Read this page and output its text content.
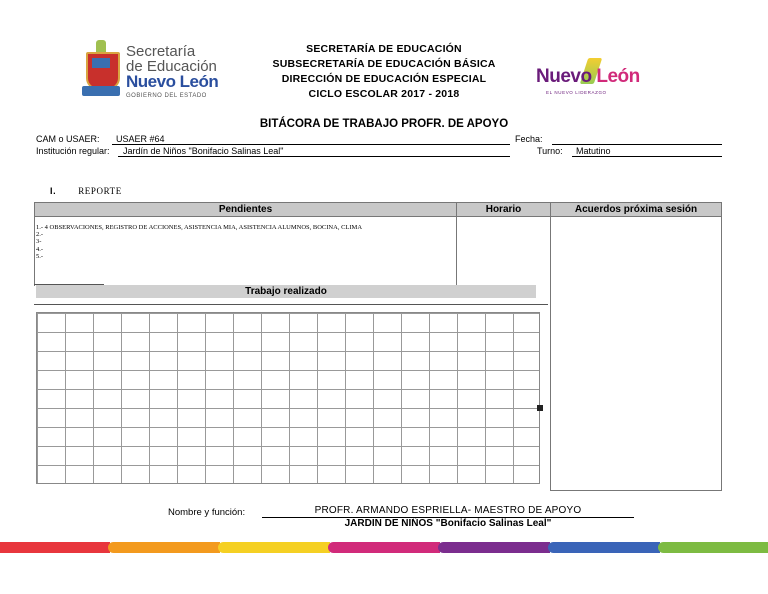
Secretaría
de Educación
Nuevo León
GOBIERNO DEL ESTADO
SECRETARÍA DE EDUCACIÓN
SUBSECRETARÍA DE EDUCACIÓN BÁSICA
DIRECCIÓN DE EDUCACIÓN ESPECIAL
CICLO ESCOLAR 2017 - 2018
Nuevo León
EL NUEVO LIDERAZGO
BITÁCORA DE TRABAJO PROFR. DE APOYO
CAM o USAER:	USAER #64	Fecha:
Institución regular:	Jardín de Niños "Bonifacio Salinas Leal"	Turno:	Matutino
I. REPORTE
Pendientes	Horario	Acuerdos próxima sesión
1.- 4 OBSERVACIONES, REGISTRO DE ACCIONES, ASISTENCIA MIA, ASISTENCIA ALUMNOS, BOCINA, CLIMA
2.-
3-
4.-
5.-
Trabajo realizado
Nombre y función:	PROFR. ARMANDO ESPRIELLA- MAESTRO DE APOYO
JARDIN DE NIÑOS "Bonifacio Salinas Leal"
